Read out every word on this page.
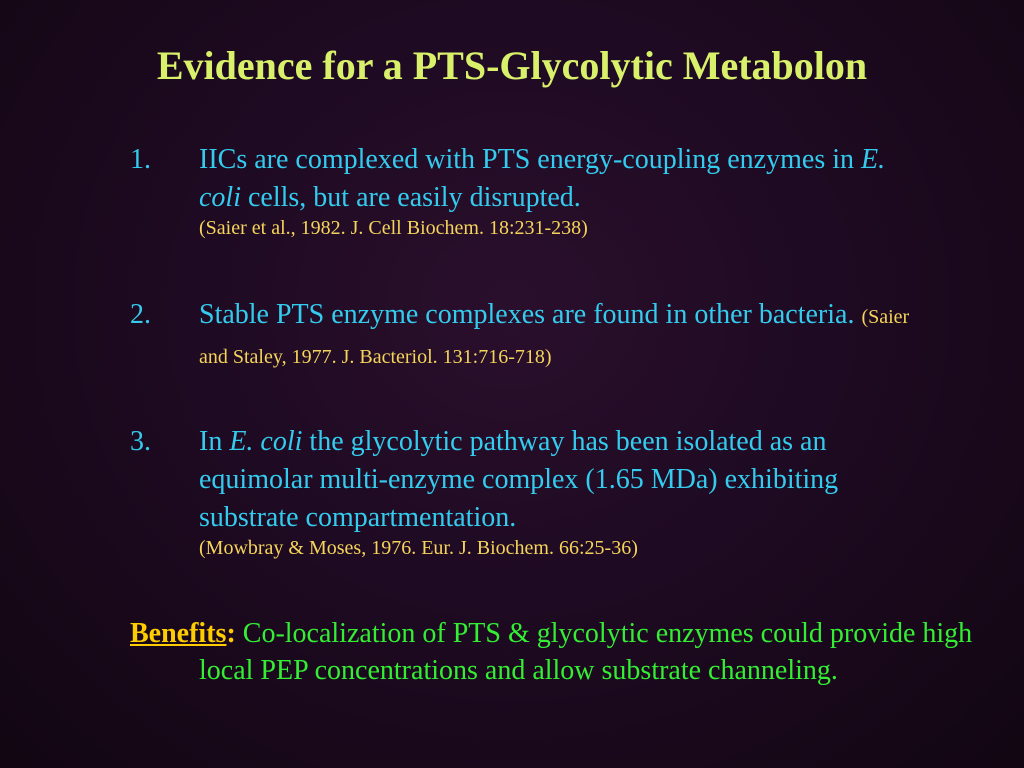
Evidence for a PTS-Glycolytic Metabolon
1. IICs are complexed with PTS energy-coupling enzymes in E. coli cells, but are easily disrupted.
(Saier et al., 1982. J. Cell Biochem. 18:231-238)
2. Stable PTS enzyme complexes are found in other bacteria. (Saier and Staley, 1977. J. Bacteriol. 131:716-718)
3. In E. coli the glycolytic pathway has been isolated as an equimolar multi-enzyme complex (1.65 MDa) exhibiting substrate compartmentation.
(Mowbray & Moses, 1976. Eur. J. Biochem. 66:25-36)
Benefits: Co-localization of PTS & glycolytic enzymes could provide high local PEP concentrations and allow substrate channeling.
